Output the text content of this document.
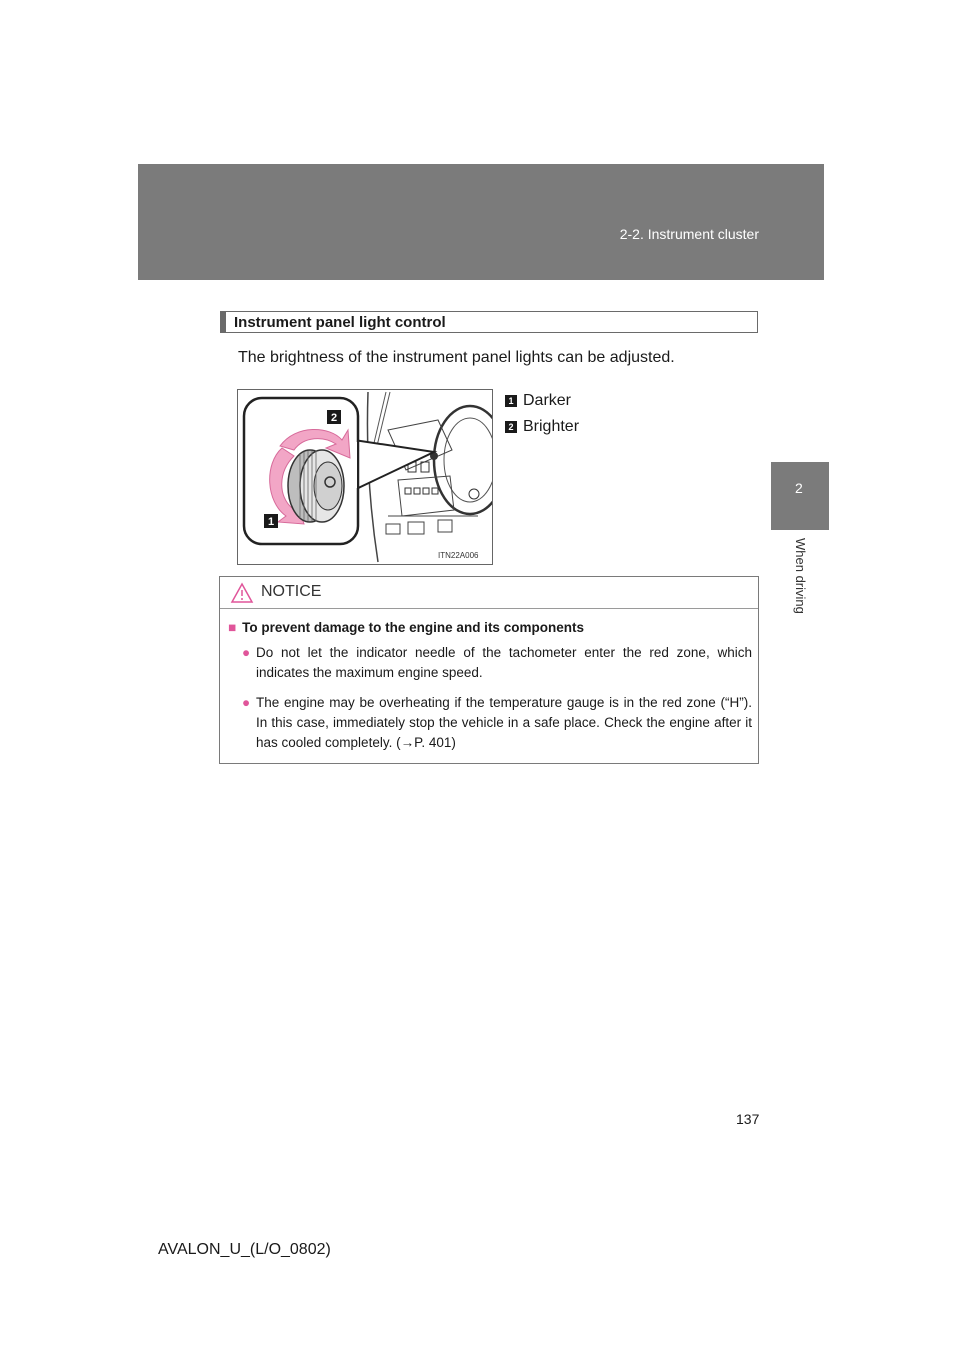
2-2. Instrument cluster
2
When driving
Instrument panel light control
The brightness of the instrument panel lights can be adjusted.
2
1
ITN22A006
1 Darker
2 Brighter
NOTICE
■ To prevent damage to the engine and its components
● Do not let the indicator needle of the tachometer enter the red zone, which indicates the maximum engine speed.
● The engine may be overheating if the temperature gauge is in the red zone (“H”). In this case, immediately stop the vehicle in a safe place. Check the engine after it has cooled completely. (→P. 401)
137
AVALON_U_(L/O_0802)
